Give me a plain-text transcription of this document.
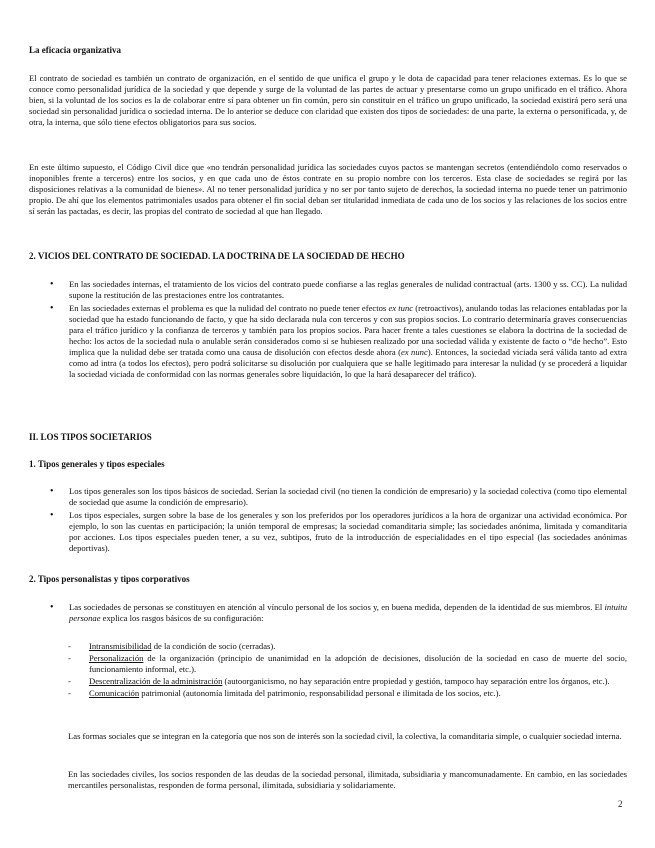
La eficacia organizativa

El contrato de sociedad es también un contrato de organización, en el sentido de que unifica el grupo y le dota de capacidad para tener relaciones externas. Es lo que se conoce como personalidad jurídica de la sociedad y que depende y surge de la voluntad de las partes de actuar y presentarse como un grupo unificado en el tráfico. Ahora bien, si la voluntad de los socios es la de colaborar entre sí para obtener un fin común, pero sin constituir en el tráfico un grupo unificado, la sociedad existirá pero será una sociedad sin personalidad jurídica o sociedad interna. De lo anterior se deduce con claridad que existen dos tipos de sociedades: de una parte, la externa o personificada, y, de otra, la interna, que sólo tiene efectos obligatorios para sus socios.

En este último supuesto, el Código Civil dice que «no tendrán personalidad jurídica las sociedades cuyos pactos se mantengan secretos (entendiéndolo como reservados o inoponibles frente a terceros) entre los socios, y en que cada uno de éstos contrate en su propio nombre con los terceros. Esta clase de sociedades se regirá por las disposiciones relativas a la comunidad de bienes». Al no tener personalidad jurídica y no ser por tanto sujeto de derechos, la sociedad interna no puede tener un patrimonio propio. De ahí que los elementos patrimoniales usados para obtener el fin social deban ser titularidad inmediata de cada uno de los socios y las relaciones de los socios entre sí serán las pactadas, es decir, las propias del contrato de sociedad al que han llegado.

2. VICIOS DEL CONTRATO DE SOCIEDAD. LA DOCTRINA DE LA SOCIEDAD DE HECHO
• En las sociedades internas, el tratamiento de los vicios del contrato puede confiarse a las reglas generales de nulidad contractual (arts. 1300 y ss. CC). La nulidad supone la restitución de las prestaciones entre los contratantes.
• En las sociedades externas el problema es que la nulidad del contrato no puede tener efectos ex tunc (retroactivos), anulando todas las relaciones entabladas por la sociedad que ha estado funcionando de facto, y que ha sido declarada nula con terceros y con sus propios socios. Lo contrario determinaría graves consecuencias para el tráfico jurídico y la confianza de terceros y también para los propios socios. Para hacer frente a tales cuestiones se elabora la doctrina de la sociedad de hecho: los actos de la sociedad nula o anulable serán considerados como si se hubiesen realizado por una sociedad válida y existente de facto o “de hecho”. Esto implica que la nulidad debe ser tratada como una causa de disolución con efectos desde ahora (ex nunc). Entonces, la sociedad viciada será válida tanto ad extra como ad intra (a todos los efectos), pero podrá solicitarse su disolución por cualquiera que se halle legitimado para interesar la nulidad (y se procederá a liquidar la sociedad viciada de conformidad con las normas generales sobre liquidación, lo que la hará desaparecer del tráfico).
II. LOS TIPOS SOCIETARIOS
1. Tipos generales y tipos especiales
• Los tipos generales son los tipos básicos de sociedad. Serían la sociedad civil (no tienen la condición de empresario) y la sociedad colectiva (como tipo elemental de sociedad que asume la condición de empresario).
• Los tipos especiales, surgen sobre la base de los generales y son los preferidos por los operadores jurídicos a la hora de organizar una actividad económica. Por ejemplo, lo son las cuentas en participación; la unión temporal de empresas; la sociedad comanditaria simple; las sociedades anónima, limitada y comanditaria por acciones. Los tipos especiales pueden tener, a su vez, subtipos, fruto de la introducción de especialidades en el tipo especial (las sociedades anónimas deportivas).
2. Tipos personalistas y tipos corporativos
• Las sociedades de personas se constituyen en atención al vínculo personal de los socios y, en buena medida, dependen de la identidad de sus miembros. El intuitu personae explica los rasgos básicos de su configuración:
- Intransmisibilidad de la condición de socio (cerradas).
- Personalización de la organización (principio de unanimidad en la adopción de decisiones, disolución de la sociedad en caso de muerte del socio, funcionamiento informal, etc.).
- Descentralización de la administración (autoorganicismo, no hay separación entre propiedad y gestión, tampoco hay separación entre los órganos, etc.).
- Comunicación patrimonial (autonomía limitada del patrimonio, responsabilidad personal e ilimitada de los socios, etc.).

Las formas sociales que se integran en la categoría que nos son de interés son la sociedad civil, la colectiva, la comanditaria simple, o cualquier sociedad interna.

En las sociedades civiles, los socios responden de las deudas de la sociedad personal, ilimitada, subsidiaria y mancomunadamente. En cambio, en las sociedades mercantiles personalistas, responden de forma personal, ilimitada, subsidiaria y solidariamente.

2
